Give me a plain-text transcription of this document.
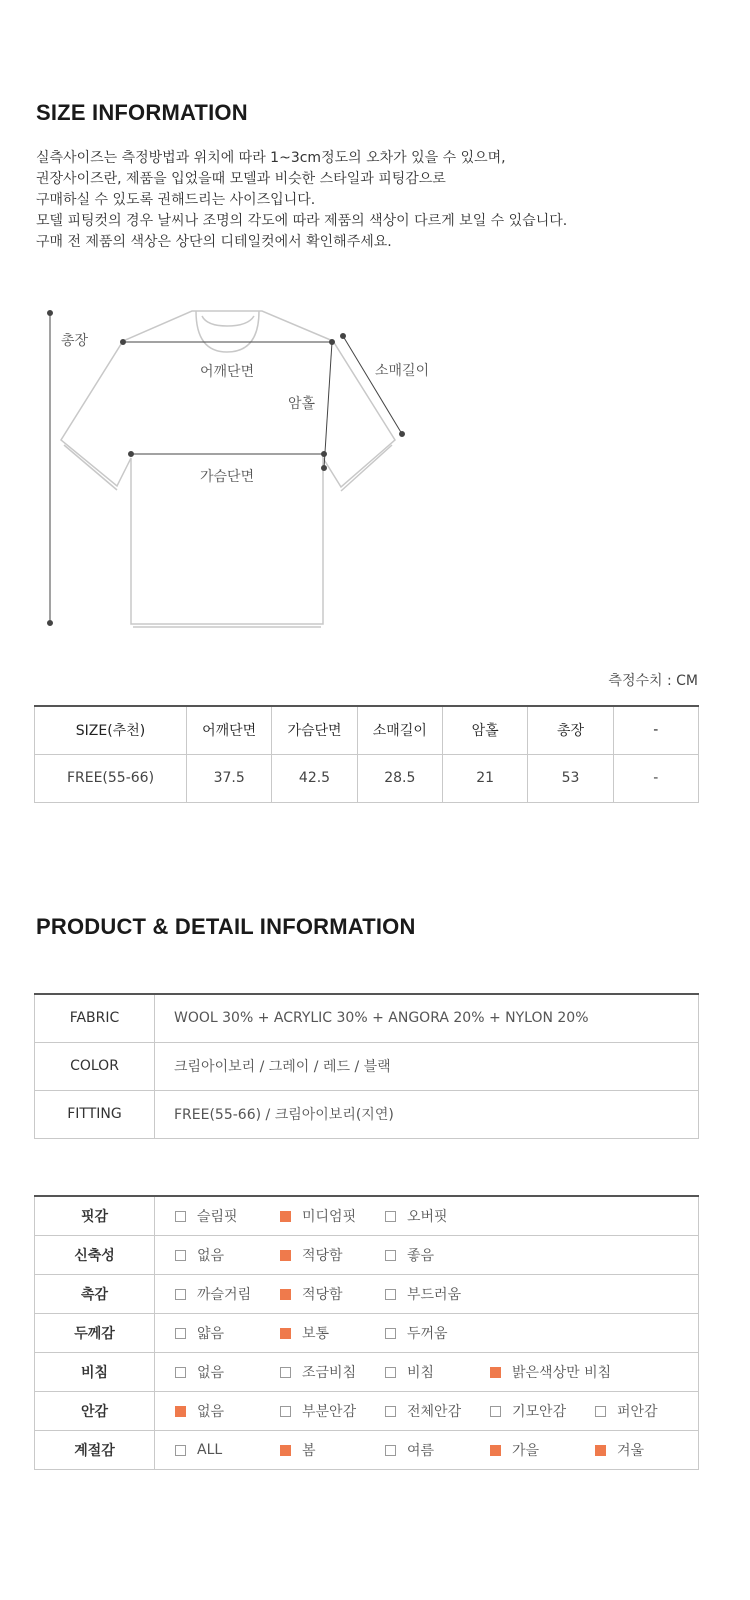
SIZE INFORMATION
실측사이즈는 측정방법과 위치에 따라 1~3cm정도의 오차가 있을 수 있으며,
권장사이즈란, 제품을 입었을때 모델과 비슷한 스타일과 피팅감으로
구매하실 수 있도록 권해드리는 사이즈입니다.
모델 피팅컷의 경우 날씨나 조명의 각도에 따라 제품의 색상이 다르게 보일 수 있습니다.
구매 전 제품의 색상은 상단의 디테일컷에서 확인해주세요.
총장
어깨단면
암홀
소매길이
가슴단면
측정수치 : CM
SIZE(추천)	어깨단면	가슴단면	소매길이	암홀	총장	-
FREE(55-66)	37.5	42.5	28.5	21	53	-
PRODUCT & DETAIL INFORMATION
FABRIC	WOOL 30% + ACRYLIC 30% + ANGORA 20% + NYLON 20%
COLOR	크림아이보리 / 그레이 / 레드 / 블랙
FITTING	FREE(55-66) / 크림아이보리(지연)
핏감	슬림핏 미디엄핏 오버핏

신축성	없음 적당함 좋음

촉감	까슬거림 적당함 부드러움

두께감	얇음 보통 두꺼움

비침	없음 조금비침 비침 밝은색상만 비침

안감	없음 부분안감 전체안감 기모안감 퍼안감

계절감	ALL 봄 여름 가을 겨울
